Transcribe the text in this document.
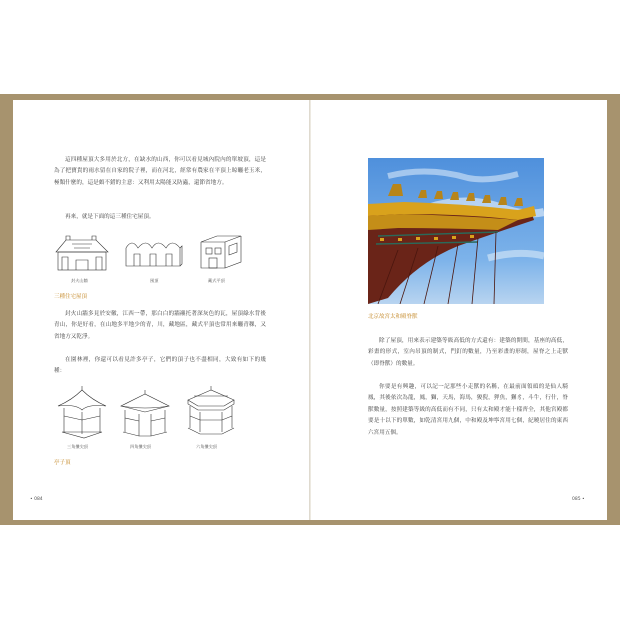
這四種屋頂大多用於北方，在缺水的山西，你可以看見城內院內的單坡頂，這是為了把寶貴的雨水留在自家的院子裡，而在河北，經常有農家在平頂上晾曬老玉米，極類什麼的，這是頗不錯的主意：又利用太陽能又防蟲，還節省地方。

再來，就是下面的這三種住宅屋頂。

封火山牆	囤頂	藏式平頂

三種住宅屋頂

封火山牆多見於安徽，江西一帶，那白白的牆襯托著深灰色的瓦，屋頂綠水背後青山，你是好看，在山地多平地少的青，川，藏地區，藏式平頂也常用來曬青稞，又省地方又乾淨。

在園林裡，你還可以看見許多亭子，它們的頂子也不盡相同，大致有如下的幾種：

三角攢尖頂	四角攢尖頂	六角攢尖頂

亭子頂

• 084

北京故宮太和殿脊獸

除了屋頂，用來表示建築等級高低的方式還有：建築的開間，基座的高低，彩畫的形式，室內吊頂的制式，門釘的數量，乃至彩畫的形制，屋脊之上走獸（即脊獸）的數量。

你要是有興趣，可以記一記那些小走獸的名稱，在最前面領頭的是仙人騎鳳，其後依次為龍，鳳，獅，天馬，海馬，狻猊，狎魚，獬豸，斗牛，行什，脊獸數量，按照建築等級的高低而有不同，只有太和殿才能十樣齊全，其他宮殿都要是十以下的單數，如乾清宮用九個，中和殿及坤寧宮用七個，紀曉居住的東西六宮用五個。

085 •
